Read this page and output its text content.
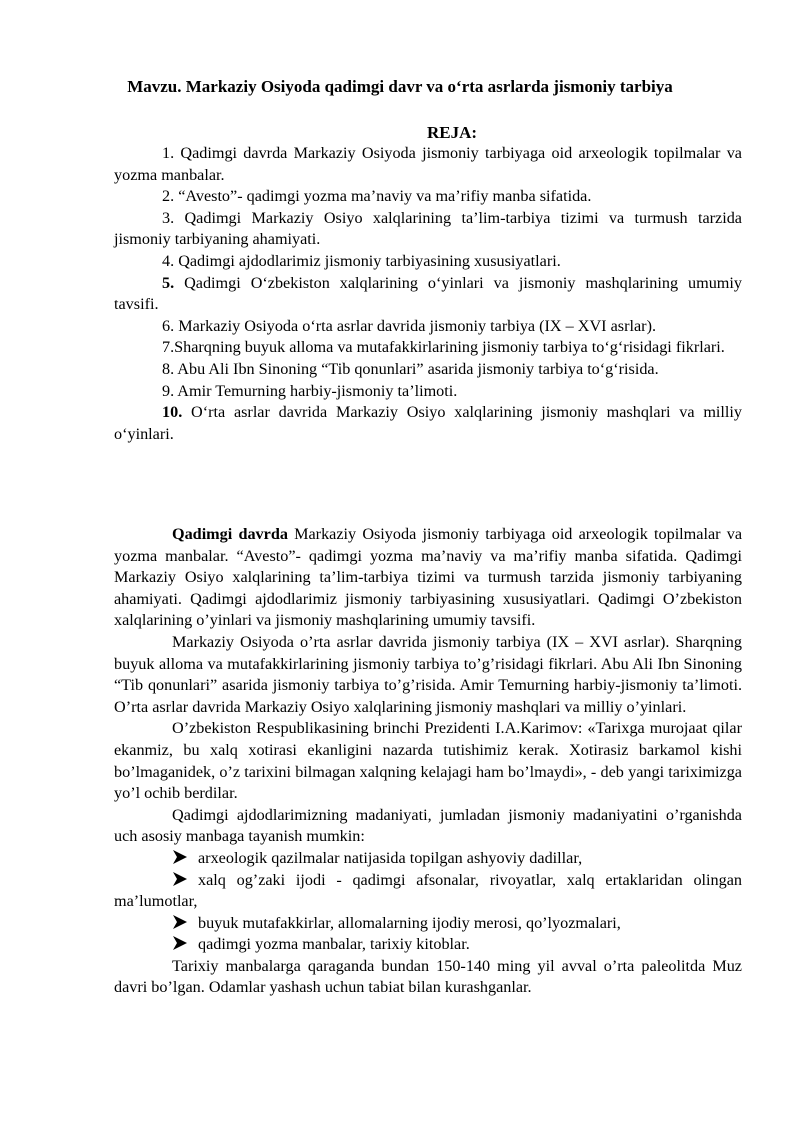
Mavzu. Markaziy Osiyoda qadimgi davr va o‘rta asrlarda jismoniy tarbiya
REJA:

1. Qadimgi davrda Markaziy Osiyoda jismoniy tarbiyaga oid arxeologik topilmalar va yozma manbalar.

2. “Avesto”- qadimgi yozma ma’naviy va ma’rifiy manba sifatida.

3. Qadimgi Markaziy Osiyo xalqlarining ta’lim-tarbiya tizimi va turmush tarzida jismoniy tarbiyaning ahamiyati.

4. Qadimgi ajdodlarimiz jismoniy tarbiyasining xususiyatlari.

5. Qadimgi O‘zbekiston xalqlarining o‘yinlari va jismoniy mashqlarining umumiy tavsifi.

6. Markaziy Osiyoda o‘rta asrlar davrida jismoniy tarbiya (IX – XVI asrlar).

7.Sharqning buyuk alloma va mutafakkirlarining jismoniy tarbiya to‘g‘risidagi fikrlari.

8. Abu Ali Ibn Sinoning “Tib qonunlari” asarida jismoniy tarbiya to‘g‘risida.

9. Amir Temurning harbiy-jismoniy ta’limoti.

10. O‘rta asrlar davrida Markaziy Osiyo xalqlarining jismoniy mashqlari va milliy o‘yinlari.

Qadimgi davrda Markaziy Osiyoda jismoniy tarbiyaga oid arxeologik topilmalar va yozma manbalar. “Avesto”- qadimgi yozma ma’naviy va ma’rifiy manba sifatida. Qadimgi Markaziy Osiyo xalqlarining ta’lim-tarbiya tizimi va turmush tarzida jismoniy tarbiyaning ahamiyati. Qadimgi ajdodlarimiz jismoniy tarbiyasining xususiyatlari. Qadimgi O’zbekiston xalqlarining o’yinlari va jismoniy mashqlarining umumiy tavsifi.

Markaziy Osiyoda o’rta asrlar davrida jismoniy tarbiya (IX – XVI asrlar). Sharqning buyuk alloma va mutafakkirlarining jismoniy tarbiya to’g’risidagi fikrlari. Abu Ali Ibn Sinoning “Tib qonunlari” asarida jismoniy tarbiya to’g’risida. Amir Temurning harbiy-jismoniy ta’limoti. O’rta asrlar davrida Markaziy Osiyo xalqlarining jismoniy mashqlari va milliy o’yinlari.

O’zbekiston Respublikasining brinchi Prezidenti I.A.Karimov: «Tarixga murojaat qilar ekanmiz, bu xalq xotirasi ekanligini nazarda tutishimiz kerak. Xotirasiz barkamol kishi bo’lmaganidek, o’z tarixini bilmagan xalqning kelajagi ham bo’lmaydi», - deb yangi tariximizga yo’l ochib berdilar.

Qadimgi ajdodlarimizning madaniyati, jumladan jismoniy madaniyatini o’rganishda uch asosiy manbaga tayanish mumkin:

arxeologik qazilmalar natijasida topilgan ashyoviy dadillar,

xalq og’zaki ijodi - qadimgi afsonalar, rivoyatlar, xalq ertaklaridan olingan ma’lumotlar,

buyuk mutafakkirlar, allomalarning ijodiy merosi, qo’lyozmalari,

qadimgi yozma manbalar, tarixiy kitoblar.

Tarixiy manbalarga qaraganda bundan 150-140 ming yil avval o’rta paleolitda Muz davri bo’lgan. Odamlar yashash uchun tabiat bilan kurashganlar.
